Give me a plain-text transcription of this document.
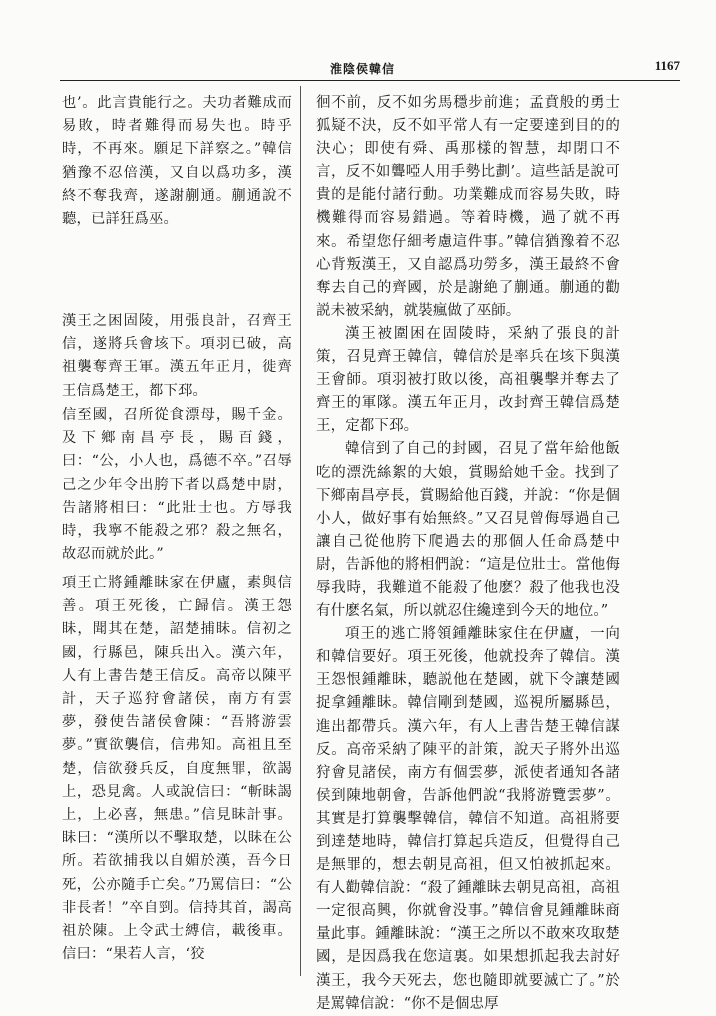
淮陰侯韓信	1167

也’。此言貴能行之。夫功者難成而易敗，時者難得而易失也。時乎時，不再來。願足下詳察之。”韓信猶豫不忍倍漢，又自以爲功多，漢終不奪我齊，遂謝蒯通。蒯通說不聽，已詳狂爲巫。

漢王之困固陵，用張良計，召齊王信，遂將兵會垓下。項羽已破，高祖襲奪齊王軍。漢五年正月，徙齊王信爲楚王，都下邳。

信至國，召所從食漂母，賜千金。及下鄉南昌亭長，賜百錢，曰：“公，小人也，爲德不卒。”召辱己之少年令出胯下者以爲楚中尉，告諸將相曰：“此壯士也。方辱我時，我寧不能殺之邪？殺之無名，故忍而就於此。”

項王亡將鍾離眛家在伊廬，素與信善。項王死後，亡歸信。漢王怨眛，聞其在楚，詔楚捕眛。信初之國，行縣邑，陳兵出入。漢六年，人有上書告楚王信反。高帝以陳平計，天子巡狩會諸侯，南方有雲夢，發使告諸侯會陳：“吾將游雲夢。”實欲襲信，信弗知。高祖且至楚，信欲發兵反，自度無罪，欲謁上，恐見禽。人或說信曰：“斬眛謁上，上必喜，無患。”信見眛計事。眛曰：“漢所以不擊取楚，以眛在公所。若欲捕我以自媚於漢，吾今日死，公亦隨手亡矣。”乃罵信曰：“公非長者！”卒自剄。信持其首，謁高祖於陳。上令武士縛信，載後車。信曰：“果若人言，‘狡

徊不前，反不如劣馬穩步前進；孟賁般的勇士狐疑不決，反不如平常人有一定要達到目的的決心；即使有舜、禹那樣的智慧，却閉口不言，反不如聾啞人用手勢比劃’。這些話是說可貴的是能付諸行動。功業難成而容易失敗，時機難得而容易錯過。等着時機，過了就不再來。希望您仔細考慮這件事。”韓信猶豫着不忍心背叛漢王，又自認爲功勞多，漢王最終不會奪去自己的齊國，於是謝絶了蒯通。蒯通的勸説未被采納，就裝瘋做了巫師。

漢王被圍困在固陵時，采納了張良的計策，召見齊王韓信，韓信於是率兵在垓下與漢王會師。項羽被打敗以後，高祖襲擊并奪去了齊王的軍隊。漢五年正月，改封齊王韓信爲楚王，定都下邳。

韓信到了自己的封國，召見了當年給他飯吃的漂洗絲絮的大娘，賞賜給她千金。找到了下鄉南昌亭長，賞賜給他百錢，并說：“你是個小人，做好事有始無終。”又召見曾侮辱過自己讓自己從他胯下爬過去的那個人任命爲楚中尉，告訴他的將相們說：“這是位壯士。當他侮辱我時，我難道不能殺了他麽？殺了他我也没有什麽名氣，所以就忍住纔達到今天的地位。”

項王的逃亡將領鍾離眛家住在伊廬，一向和韓信要好。項王死後，他就投奔了韓信。漢王怨恨鍾離眛，聽説他在楚國，就下令讓楚國捉拿鍾離眛。韓信剛到楚國，巡視所屬縣邑，進出都帶兵。漢六年，有人上書告楚王韓信謀反。高帝采納了陳平的計策，說天子將外出巡狩會見諸侯，南方有個雲夢，派使者通知各諸侯到陳地朝會，告訴他們說“我將游覽雲夢”。其實是打算襲擊韓信，韓信不知道。高祖將要到達楚地時，韓信打算起兵造反，但覺得自己是無罪的，想去朝見高祖，但又怕被抓起來。有人勸韓信說：“殺了鍾離眛去朝見高祖，高祖一定很高興，你就會没事。”韓信會見鍾離眛商量此事。鍾離眛說：“漢王之所以不敢來攻取楚國，是因爲我在您這裏。如果想抓起我去討好漢王，我今天死去，您也隨即就要滅亡了。”於是罵韓信說：“你不是個忠厚
